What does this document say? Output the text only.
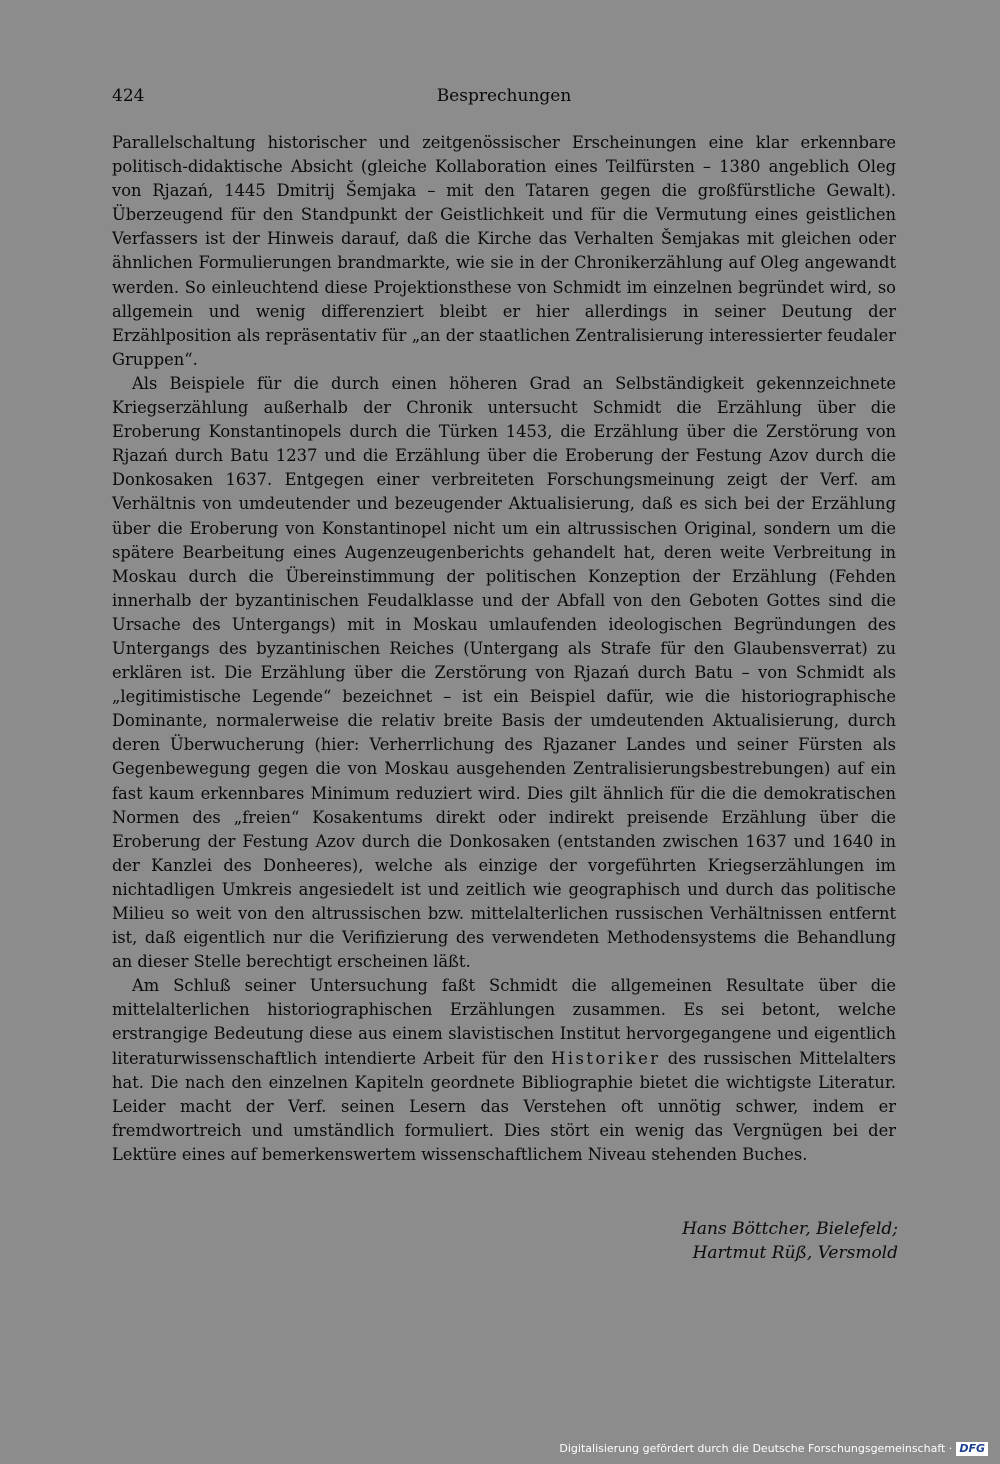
424	Besprechungen

Parallelschaltung historischer und zeitgenössischer Erscheinungen eine klar erkennbare politisch-didaktische Absicht (gleiche Kollaboration eines Teilfürsten – 1380 angeblich Oleg von Rjazań, 1445 Dmitrij Šemjaka – mit den Tataren gegen die großfürstliche Gewalt). Überzeugend für den Standpunkt der Geistlichkeit und für die Vermutung eines geistlichen Verfassers ist der Hinweis darauf, daß die Kirche das Verhalten Šemjakas mit gleichen oder ähnlichen Formulierungen brandmarkte, wie sie in der Chronikerzählung auf Oleg angewandt werden. So einleuchtend diese Projektionsthese von Schmidt im einzelnen begründet wird, so allgemein und wenig differenziert bleibt er hier allerdings in seiner Deutung der Erzählposition als repräsentativ für „an der staatlichen Zentralisierung interessierter feudaler Gruppen“.

Als Beispiele für die durch einen höheren Grad an Selbständigkeit gekennzeichnete Kriegserzählung außerhalb der Chronik untersucht Schmidt die Erzählung über die Eroberung Konstantinopels durch die Türken 1453, die Erzählung über die Zerstörung von Rjazań durch Batu 1237 und die Erzählung über die Eroberung der Festung Azov durch die Donkosaken 1637. Entgegen einer verbreiteten Forschungsmeinung zeigt der Verf. am Verhältnis von umdeutender und bezeugender Aktualisierung, daß es sich bei der Erzählung über die Eroberung von Konstantinopel nicht um ein altrussischen Original, sondern um die spätere Bearbeitung eines Augenzeugenberichts gehandelt hat, deren weite Verbreitung in Moskau durch die Übereinstimmung der politischen Konzeption der Erzählung (Fehden innerhalb der byzantinischen Feudalklasse und der Abfall von den Geboten Gottes sind die Ursache des Untergangs) mit in Moskau umlaufenden ideologischen Begründungen des Untergangs des byzantinischen Reiches (Untergang als Strafe für den Glaubensverrat) zu erklären ist. Die Erzählung über die Zerstörung von Rjazań durch Batu – von Schmidt als „legitimistische Legende“ bezeichnet – ist ein Beispiel dafür, wie die historiographische Dominante, normalerweise die relativ breite Basis der umdeutenden Aktualisierung, durch deren Überwucherung (hier: Verherrlichung des Rjazaner Landes und seiner Fürsten als Gegenbewegung gegen die von Moskau ausgehenden Zentralisierungsbestrebungen) auf ein fast kaum erkennbares Minimum reduziert wird. Dies gilt ähnlich für die die demokratischen Normen des „freien“ Kosakentums direkt oder indirekt preisende Erzählung über die Eroberung der Festung Azov durch die Donkosaken (entstanden zwischen 1637 und 1640 in der Kanzlei des Donheeres), welche als einzige der vorgeführten Kriegserzählungen im nichtadligen Umkreis angesiedelt ist und zeitlich wie geographisch und durch das politische Milieu so weit von den altrussischen bzw. mittelalterlichen russischen Verhältnissen entfernt ist, daß eigentlich nur die Verifizierung des verwendeten Methodensystems die Behandlung an dieser Stelle berechtigt erscheinen läßt.

Am Schluß seiner Untersuchung faßt Schmidt die allgemeinen Resultate über die mittelalterlichen historiographischen Erzählungen zusammen. Es sei betont, welche erstrangige Bedeutung diese aus einem slavistischen Institut hervorgegangene und eigentlich literaturwissenschaftlich intendierte Arbeit für den Historiker des russischen Mittelalters hat. Die nach den einzelnen Kapiteln geordnete Bibliographie bietet die wichtigste Literatur. Leider macht der Verf. seinen Lesern das Verstehen oft unnötig schwer, indem er fremdwortreich und umständlich formuliert. Dies stört ein wenig das Vergnügen bei der Lektüre eines auf bemerkenswertem wissenschaftlichem Niveau stehenden Buches.

Hans Böttcher, Bielefeld;
Hartmut Rüß, Versmold
Digitalisierung gefördert durch die Deutsche Forschungsgemeinschaft · DFG
